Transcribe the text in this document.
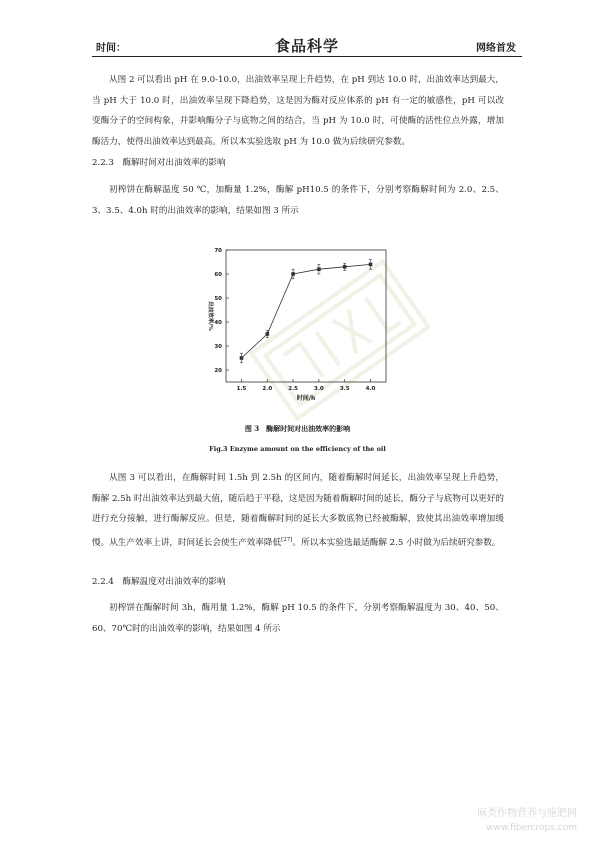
时间：	食品科学	网络首发
从图 2 可以看出 pH 在 9.0-10.0，出油效率呈现上升趋势，在 pH 到达 10.0 时，出油效率达到最大，当 pH 大于 10.0 时，出油效率呈现下降趋势，这是因为酶对反应体系的 pH 有一定的敏感性，pH 可以改变酶分子的空间构象，并影响酶分子与底物之间的结合，当 pH 为 10.0 时，可使酶的活性位点外露，增加酶活力，使得出油效率达到最高。所以本实验选取 pH 为 10.0 做为后续研究参数。
2.2.3　酶解时间对出油效率的影响
初榨饼在酶解温度 50 ℃，加酶量 1.2%，酶解 pH10.5 的条件下，分别考察酶解时间为 2.0、2.5、3、3.5、4.0h 时的出油效率的影响，结果如图 3 所示
20
30
40
50
60
70
1.5	2.0	2.5	3.0	3.5	4.0
时间/h
出油效率/%
图 3　酶解时间对出油效率的影响
Fig.3 Enzyme amount on the efficiency of the oil
从图 3 可以看出，在酶解时间 1.5h 到 2.5h 的区间内，随着酶解时间延长，出油效率呈现上升趋势，酶解 2.5h 时出油效率达到最大值，随后趋于平稳，这是因为随着酶解时间的延长，酶分子与底物可以更好的进行充分接触，进行酶解反应。但是，随着酶解时间的延长大多数底物已经被酶解，致使其出油效率增加缓慢。从生产效率上讲，时间延长会使生产效率降低[27]。所以本实验选最适酶解 2.5 小时做为后续研究参数。
2.2.4　酶解温度对出油效率的影响
初榨饼在酶解时间 3h，酶用量 1.2%，酶解 pH 10.5 的条件下，分别考察酶解温度为 30、40、50、60、70℃时的出油效率的影响，结果如图 4 所示
麻类作物营养与施肥网
www.fibercrops.com
